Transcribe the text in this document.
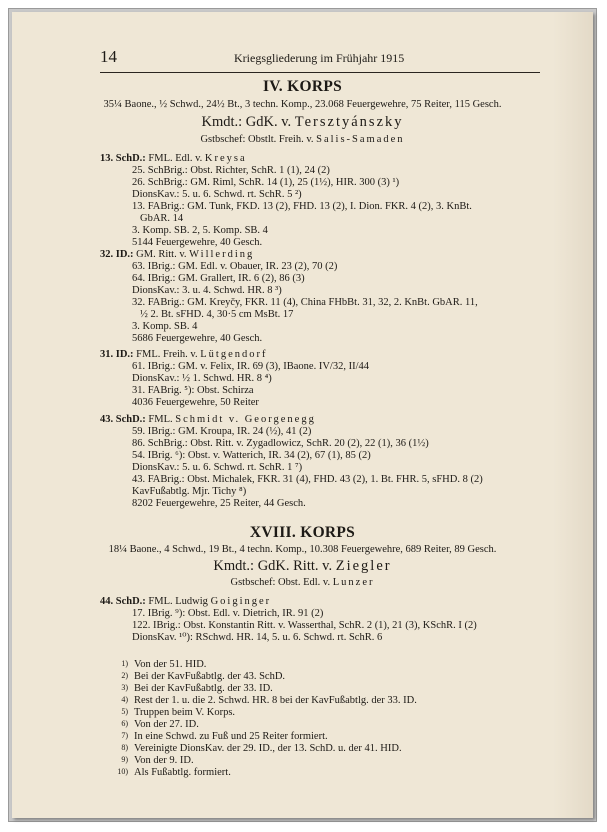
14	Kriegsgliederung im Frühjahr 1915
IV. KORPS
35¼ Baone., ½ Schwd., 24½ Bt., 3 techn. Komp., 23.068 Feuergewehre, 75 Reiter, 115 Gesch.
Kmdt.: GdK. v. Tersztyánszky
Gstbschef: Obstlt. Freih. v. Salis-Samaden
13. SchD.: FML. Edl. v. Kreysa
25. SchBrig.: Obst. Richter, SchR. 1 (1), 24 (2)
26. SchBrig.: GM. Riml, SchR. 14 (1), 25 (1½), HIR. 300 (3) ¹)
DionsKav.: 5. u. 6. Schwd. rt. SchR. 5 ²)
13. FABrig.: GM. Tunk, FKD. 13 (2), FHD. 13 (2), I. Dion. FKR. 4 (2), 3. KnBt.
GbAR. 14
3. Komp. SB. 2, 5. Komp. SB. 4
5144 Feuergewehre, 40 Gesch.
32. ID.: GM. Ritt. v. Willerding
63. IBrig.: GM. Edl. v. Obauer, IR. 23 (2), 70 (2)
64. IBrig.: GM. Grallert, IR. 6 (2), 86 (3)
DionsKav.: 3. u. 4. Schwd. HR. 8 ³)
32. FABrig.: GM. Kreyčy, FKR. 11 (4), China FHbBt. 31, 32, 2. KnBt. GbAR. 11,
½ 2. Bt. sFHD. 4, 30·5 cm MsBt. 17
3. Komp. SB. 4
5686 Feuergewehre, 40 Gesch.
31. ID.: FML. Freih. v. Lütgendorf
61. IBrig.: GM. v. Felix, IR. 69 (3), IBaone. IV/32, II/44
DionsKav.: ½ 1. Schwd. HR. 8 ⁴)
31. FABrig. ⁵): Obst. Schirza
4036 Feuergewehre, 50 Reiter
43. SchD.: FML. Schmidt v. Georgenegg
59. IBrig.: GM. Kroupa, IR. 24 (½), 41 (2)
86. SchBrig.: Obst. Ritt. v. Zygadlowicz, SchR. 20 (2), 22 (1), 36 (1½)
54. IBrig. ⁶): Obst. v. Watterich, IR. 34 (2), 67 (1), 85 (2)
DionsKav.: 5. u. 6. Schwd. rt. SchR. 1 ⁷)
43. FABrig.: Obst. Michalek, FKR. 31 (4), FHD. 43 (2), 1. Bt. FHR. 5, sFHD. 8 (2)
KavFußabtlg. Mjr. Tichy ⁸)
8202 Feuergewehre, 25 Reiter, 44 Gesch.
XVIII. KORPS
18¼ Baone., 4 Schwd., 19 Bt., 4 techn. Komp., 10.308 Feuergewehre, 689 Reiter, 89 Gesch.
Kmdt.: GdK. Ritt. v. Ziegler
Gstbschef: Obst. Edl. v. Lunzer
44. SchD.: FML. Ludwig Goiginger
17. IBrig. ⁹): Obst. Edl. v. Dietrich, IR. 91 (2)
122. IBrig.: Obst. Konstantin Ritt. v. Wasserthal, SchR. 2 (1), 21 (3), KSchR. I (2)
DionsKav. ¹⁰): RSchwd. HR. 14, 5. u. 6. Schwd. rt. SchR. 6
1) Von der 51. HID.
2) Bei der KavFußabtlg. der 43. SchD.
3) Bei der KavFußabtlg. der 33. ID.
4) Rest der 1. u. die 2. Schwd. HR. 8 bei der KavFußabtlg. der 33. ID.
5) Truppen beim V. Korps.
6) Von der 27. ID.
7) In eine Schwd. zu Fuß und 25 Reiter formiert.
8) Vereinigte DionsKav. der 29. ID., der 13. SchD. u. der 41. HID.
9) Von der 9. ID.
10) Als Fußabtlg. formiert.
